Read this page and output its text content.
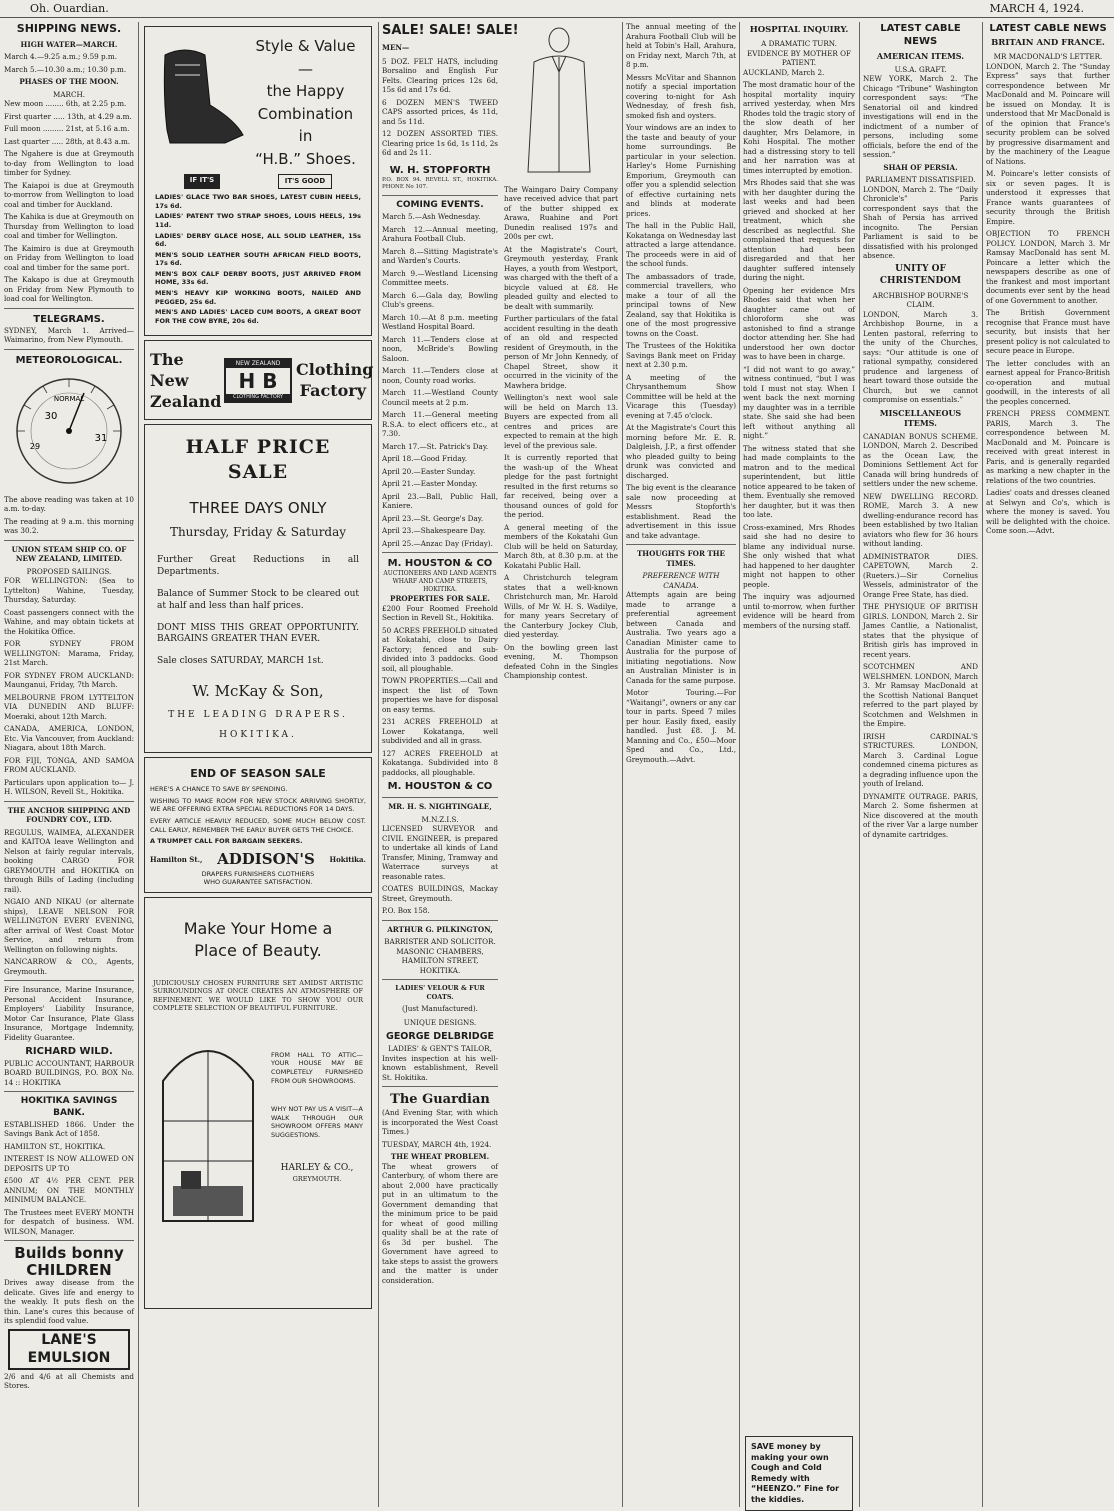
Oh. Ouardian.	MARCH 4, 1924.
SHIPPING NEWS.
HIGH WATER—MARCH.

March 4.—9.25 a.m.; 9.59 p.m.

March 5.—10.30 a.m.; 10.30 p.m.

PHASES OF THE MOON.
MARCH.

New moon ........ 6th, at 2.25 p.m.

First quarter ..... 13th, at 4.29 a.m.

Full moon ......... 21st, at 5.16 a.m.

Last quarter ..... 28th, at 8.43 a.m.

The Ngahere is due at Greymouth to-day from Wellington to load timber for Sydney.

The Kaiapoi is due at Greymouth to-morrow from Wellington to load coal and timber for Auckland.

The Kahika is due at Greymouth on Thursday from Wellington to load coal and timber for Wellington.

The Kaimiro is due at Greymouth on Friday from Wellington to load coal and timber for the same port.

The Kakapo is due at Greymouth on Friday from New Plymouth to load coal for Wellington.

TELEGRAMS.

SYDNEY, March 1. Arrived—Waimarino, from New Plymouth.

METEOROLOGICAL.
NORMAL
30
31
29

The above reading was taken at 10 a.m. to-day.

The reading at 9 a.m. this morning was 30.2.

UNION STEAM SHIP CO. OF NEW ZEALAND, LIMITED.
PROPOSED SAILINGS.

FOR WELLINGTON: (Sea to Lyttelton) Wahine, Tuesday, Thursday, Saturday.

Coast passengers connect with the Wahine, and may obtain tickets at the Hokitika Office.

FOR SYDNEY FROM WELLINGTON: Marama, Friday, 21st March.

FOR SYDNEY FROM AUCKLAND: Maunganui, Friday, 7th March.

MELBOURNE FROM LYTTELTON VIA DUNEDIN AND BLUFF: Moeraki, about 12th March.

CANADA, AMERICA, LONDON, Etc. Via Vancouver, from Auckland: Niagara, about 18th March.

FOR FIJI, TONGA, AND SAMOA FROM AUCKLAND.

Particulars upon application to— J. H. WILSON, Revell St., Hokitika.

THE ANCHOR SHIPPING AND FOUNDRY COY., LTD.

REGULUS, WAIMEA, ALEXANDER and KAITOA leave Wellington and Nelson at fairly regular intervals, booking CARGO FOR GREYMOUTH and HOKITIKA on through Bills of Lading (including rail).

NGAIO AND NIKAU (or alternate ships), LEAVE NELSON FOR WELLINGTON EVERY EVENING, after arrival of West Coast Motor Service, and return from Wellington on following nights.

NANCARROW & CO., Agents, Greymouth.

Fire Insurance, Marine Insurance, Personal Accident Insurance, Employers' Liability Insurance, Motor Car Insurance, Plate Glass Insurance, Mortgage Indemnity, Fidelity Guarantee.

RICHARD WILD.

PUBLIC ACCOUNTANT, HARBOUR BOARD BUILDINGS, P.O. BOX No. 14 :: HOKITIKA

HOKITIKA SAVINGS BANK.

ESTABLISHED 1866. Under the Savings Bank Act of 1858.

HAMILTON ST., HOKITIKA.

INTEREST IS NOW ALLOWED ON DEPOSITS UP TO

£500 AT 4½ PER CENT. PER ANNUM; ON THE MONTHLY MINIMUM BALANCE.

The Trustees meet EVERY MONTH for despatch of business. WM. WILSON, Manager.

Builds bonny CHILDREN

Drives away disease from the delicate. Gives life and energy to the weakly. It puts flesh on the thin. Lane's cures this because of its splendid food value.

LANE'S EMULSION

2/6 and 4/6 at all Chemists and Stores.

Style & Value—
the Happy
Combination in
“H.B.” Shoes.
IF IT'S	IT'S GOOD

LADIES' GLACE TWO BAR SHOES, LATEST CUBIN HEELS, 17s 6d.

LADIES' PATENT TWO STRAP SHOES, LOUIS HEELS, 19s 11d.

LADIES' DERBY GLACE HOSE, ALL SOLID LEATHER, 15s 6d.

MEN'S SOLID LEATHER SOUTH AFRICAN FIELD BOOTS, 17s 6d.

MEN'S BOX CALF DERBY BOOTS, JUST ARRIVED FROM HOME, 33s 6d.

MEN'S HEAVY KIP WORKING BOOTS, NAILED AND PEGGED, 25s 6d.

MEN'S AND LADIES' LACED CUM BOOTS, A GREAT BOOT FOR THE COW BYRE, 20s 6d.

The New Zealand
NEW ZEALAND
H B
CLOTHING FACTORY
Clothing Factory
HALF PRICE SALE
THREE DAYS ONLY
Thursday, Friday & Saturday

Further Great Reductions in all Departments.

Balance of Summer Stock to be cleared out at half and less than half prices.

DONT MISS THIS GREAT OPPORTUNITY. BARGAINS GREATER THAN EVER.

Sale closes SATURDAY, MARCH 1st.

W. McKay & Son,
THE LEADING DRAPERS.
HOKITIKA.
END OF SEASON SALE

HERE'S A CHANCE TO SAVE BY SPENDING.

WISHING TO MAKE ROOM FOR NEW STOCK ARRIVING SHORTLY, WE ARE OFFERING EXTRA SPECIAL REDUCTIONS FOR 14 DAYS.

EVERY ARTICLE HEAVILY REDUCED, SOME MUCH BELOW COST. CALL EARLY, REMEMBER THE EARLY BUYER GETS THE CHOICE.

A TRUMPET CALL FOR BARGAIN SEEKERS.

Hamilton St., ADDISON'S Hokitika.
DRAPERS FURNISHERS CLOTHIERS
WHO GUARANTEE SATISFACTION.
Make Your Home a Place of Beauty.

JUDICIOUSLY CHOSEN FURNITURE SET AMIDST ARTISTIC SURROUNDINGS AT ONCE CREATES AN ATMOSPHERE OF REFINEMENT. WE WOULD LIKE TO SHOW YOU OUR COMPLETE SELECTION OF BEAUTIFUL FURNITURE.

FROM HALL TO ATTIC—YOUR HOUSE MAY BE COMPLETELY FURNISHED FROM OUR SHOWROOMS.

WHY NOT PAY US A VISIT—A WALK THROUGH OUR SHOWROOM OFFERS MANY SUGGESTIONS.

HARLEY & CO.,
GREYMOUTH.
SALE! SALE! SALE!
MEN—

5 DOZ. FELT HATS, including Borsalino and English Fur Felts. Clearing prices 12s 6d, 15s 6d and 17s 6d.

6 DOZEN MEN'S TWEED CAPS assorted prices, 4s 11d, and 5s 11d.

12 DOZEN ASSORTED TIES. Clearing price 1s 6d, 1s 11d, 2s 6d and 2s 11.

W. H. STOPFORTH

P.O. BOX 94. REVELL ST., HOKITIKA. PHONE No 107.

COMING EVENTS.

March 5.—Ash Wednesday.

March 12.—Annual meeting, Arahura Football Club.

March 8.—Sitting Magistrate's and Warden's Courts.

March 9.—Westland Licensing Committee meets.

March 6.—Gala day, Bowling Club's greens.

March 10.—At 8 p.m. meeting Westland Hospital Board.

March 11.—Tenders close at noon, McBride's Bowling Saloon.

March 11.—Tenders close at noon, County road works.

March 11.—Westland County Council meets at 2 p.m.

March 11.—General meeting R.S.A. to elect officers etc., at 7.30.

March 17.—St. Patrick's Day.

April 18.—Good Friday.

April 20.—Easter Sunday.

April 21.—Easter Monday.

April 23.—Ball, Public Hall, Kaniere.

April 23.—St. George's Day.

April 23.—Shakespeare Day.

April 25.—Anzac Day (Friday).

M. HOUSTON & CO
AUCTIONEERS AND LAND AGENTS
WHARF AND CAMP STREETS, HOKITIKA.
PROPERTIES FOR SALE.

£200 Four Roomed Freehold Section in Revell St., Hokitika.

50 ACRES FREEHOLD situated at Kokatahi, close to Dairy Factory; fenced and sub-divided into 3 paddocks. Good soil, all ploughable.

TOWN PROPERTIES.—Call and inspect the list of Town properties we have for disposal on easy terms.

231 ACRES FREEHOLD at Lower Kokatanga, well subdivided and all in grass.

127 ACRES FREEHOLD at Kokatanga. Subdivided into 8 paddocks, all ploughable.

M. HOUSTON & CO
MR. H. S. NIGHTINGALE,
M.N.Z.I.S.

LICENSED SURVEYOR and CIVIL ENGINEER, is prepared to undertake all kinds of Land Transfer, Mining, Tramway and Waterrace surveys at reasonable rates.

COATES BUILDINGS, Mackay Street, Greymouth.

P.O. Box 158.

ARTHUR G. PILKINGTON,
BARRISTER AND SOLICITOR.
MASONIC CHAMBERS, HAMILTON STREET, HOKITIKA.
LADIES' VELOUR & FUR COATS.
(Just Manufactured).
UNIQUE DESIGNS.
GEORGE DELBRIDGE
LADIES' & GENT'S TAILOR,

Invites inspection at his well-known establishment, Revell St. Hokitika.

The Guardian

(And Evening Star, with which is incorporated the West Coast Times.)

TUESDAY, MARCH 4th, 1924.

THE WHEAT PROBLEM.

The wheat growers of Canterbury, of whom there are about 2,000 have practically put in an ultimatum to the Government demanding that the minimum price to be paid for wheat of good milling quality shall be at the rate of 6s 3d per bushel. The Government have agreed to take steps to assist the growers and the matter is under consideration.

The Waingaro Dairy Company have received advice that part of the butter shipped ex Arawa, Ruahine and Port Dunedin realised 197s and 200s per cwt.

At the Magistrate's Court, Greymouth yesterday, Frank Hayes, a youth from Westport, was charged with the theft of a bicycle valued at £8. He pleaded guilty and elected to be dealt with summarily.

Further particulars of the fatal accident resulting in the death of an old and respected resident of Greymouth, in the person of Mr John Kennedy, of Chapel Street, show it occurred in the vicinity of the Mawhera bridge.

Wellington's next wool sale will be held on March 13. Buyers are expected from all centres and prices are expected to remain at the high level of the previous sale.

It is currently reported that the wash-up of the Wheat pledge for the past fortnight resulted in the first returns so far received, being over a thousand ounces of gold for the period.

A general meeting of the members of the Kokatahi Gun Club will be held on Saturday, March 8th, at 8.30 p.m. at the Kokatahi Public Hall.

A Christchurch telegram states that a well-known Christchurch man, Mr. Harold Wills, of Mr W. H. S. Wadilye, for many years Secretary of the Canterbury Jockey Club, died yesterday.

On the bowling green last evening, M. Thompson defeated Cohn in the Singles Championship contest.

The annual meeting of the Arahura Football Club will be held at Tobin's Hall, Arahura, on Friday next, March 7th, at 8 p.m.

Messrs McVitar and Shannon notify a special importation covering to-night for Ash Wednesday, of fresh fish, smoked fish and oysters.

Your windows are an index to the taste and beauty of your home surroundings. Be particular in your selection. Harley's Home Furnishing Emporium, Greymouth can offer you a splendid selection of effective curtaining nets and blinds at moderate prices.

The hall in the Public Hall, Kokatanga on Wednesday last attracted a large attendance. The proceeds were in aid of the school funds.

The ambassadors of trade, commercial travellers, who make a tour of all the principal towns of New Zealand, say that Hokitika is one of the most progressive towns on the Coast.

The Trustees of the Hokitika Savings Bank meet on Friday next at 2.30 p.m.

A meeting of the Chrysanthemum Show Committee will be held at the Vicarage this (Tuesday) evening at 7.45 o'clock.

At the Magistrate's Court this morning before Mr. E. R. Dalgleish, J.P., a first offender who pleaded guilty to being drunk was convicted and discharged.

The big event is the clearance sale now proceeding at Messrs Stopforth's establishment. Read the advertisement in this issue and take advantage.

THOUGHTS FOR THE TIMES.
PREFERENCE WITH CANADA.

Attempts again are being made to arrange a preferential agreement between Canada and Australia. Two years ago a Canadian Minister came to Australia for the purpose of initiating negotiations. Now an Australian Minister is in Canada for the same purpose.

Motor Touring.—For “Waitangi”, owners or any car tour in parts. Speed 7 miles per hour. Easily fixed, easily handled. Just £8. J. M. Manning and Co., £50—Moor Sped and Co., Ltd., Greymouth.—Advt.

HOSPITAL INQUIRY.
A DRAMATIC TURN.
EVIDENCE BY MOTHER OF PATIENT.

AUCKLAND, March 2.

The most dramatic hour of the hospital mortality inquiry arrived yesterday, when Mrs Rhodes told the tragic story of the slow death of her daughter, Mrs Delamore, in Kohi Hospital. The mother had a distressing story to tell and her narration was at times interrupted by emotion.

Mrs Rhodes said that she was with her daughter during the last weeks and had been grieved and shocked at her treatment, which she described as neglectful. She complained that requests for attention had been disregarded and that her daughter suffered intensely during the night.

Opening her evidence Mrs Rhodes said that when her daughter came out of chloroform she was astonished to find a strange doctor attending her. She had understood her own doctor was to have been in charge.

“I did not want to go away,” witness continued, “but I was told I must not stay. When I went back the next morning my daughter was in a terrible state. She said she had been left without anything all night.”

The witness stated that she had made complaints to the matron and to the medical superintendent, but little notice appeared to be taken of them. Eventually she removed her daughter, but it was then too late.

Cross-examined, Mrs Rhodes said she had no desire to blame any individual nurse. She only wished that what had happened to her daughter might not happen to other people.

The inquiry was adjourned until to-morrow, when further evidence will be heard from members of the nursing staff.

SAVE money by making your own Cough and Cold Remedy with “HEENZO.” Fine for the kiddies.
LATEST CABLE NEWS
AMERICAN ITEMS.
U.S.A. GRAFT.

NEW YORK, March 2. The Chicago “Tribune” Washington correspondent says: “The Senatorial oil and kindred investigations will end in the indictment of a number of persons, including some officials, before the end of the session.”

SHAH OF PERSIA.
PARLIAMENT DISSATISFIED.

LONDON, March 2. The “Daily Chronicle's” Paris correspondent says that the Shah of Persia has arrived incognito. The Persian Parliament is said to be dissatisfied with his prolonged absence.

UNITY OF CHRISTENDOM
ARCHBISHOP BOURNE'S CLAIM.

LONDON, March 3. Archbishop Bourne, in a Lenten pastoral, referring to the unity of the Churches, says: “Our attitude is one of rational sympathy, considered prudence and largeness of heart toward those outside the Church, but we cannot compromise on essentials.”

MISCELLANEOUS ITEMS.

CANADIAN BONUS SCHEME. LONDON, March 2. Described as the Ocean Law, the Dominions Settlement Act for Canada will bring hundreds of settlers under the new scheme.

NEW DWELLING RECORD. ROME, March 3. A new dwelling-endurance record has been established by two Italian aviators who flew for 36 hours without landing.

ADMINISTRATOR DIES. CAPETOWN, March 2. (Rueters.)—Sir Cornelius Wessels, administrator of the Orange Free State, has died.

THE PHYSIQUE OF BRITISH GIRLS. LONDON, March 2. Sir James Cantlie, a Nationalist, states that the physique of British girls has improved in recent years.

SCOTCHMEN AND WELSHMEN. LONDON, March 3. Mr Ramsay MacDonald at the Scottish National Banquet referred to the part played by Scotchmen and Welshmen in the Empire.

IRISH CARDINAL'S STRICTURES. LONDON, March 3. Cardinal Logue condemned cinema pictures as a degrading influence upon the youth of Ireland.

DYNAMITE OUTRAGE. PARIS, March 2. Some fishermen at Nice discovered at the mouth of the river Var a large number of dynamite cartridges.

LATEST CABLE NEWS
BRITAIN AND FRANCE.
MR MACDONALD'S LETTER.

LONDON, March 2. The “Sunday Express” says that further correspondence between Mr MacDonald and M. Poincare will be issued on Monday. It is understood that Mr MacDonald is of the opinion that France's security problem can be solved by progressive disarmament and by the machinery of the League of Nations.

M. Poincare's letter consists of six or seven pages. It is understood it expresses that France wants guarantees of security through the British Empire.

OBJECTION TO FRENCH POLICY. LONDON, March 3. Mr Ramsay MacDonald has sent M. Poincare a letter which the newspapers describe as one of the frankest and most important documents ever sent by the head of one Government to another.

The British Government recognise that France must have security, but insists that her present policy is not calculated to secure peace in Europe.

The letter concludes with an earnest appeal for Franco-British co-operation and mutual goodwill, in the interests of all the peoples concerned.

FRENCH PRESS COMMENT. PARIS, March 3. The correspondence between M. MacDonald and M. Poincare is received with great interest in Paris, and is generally regarded as marking a new chapter in the relations of the two countries.

Ladies' coats and dresses cleaned at Selwyn and Co's, which is where the money is saved. You will be delighted with the choice. Come soon.—Advt.
